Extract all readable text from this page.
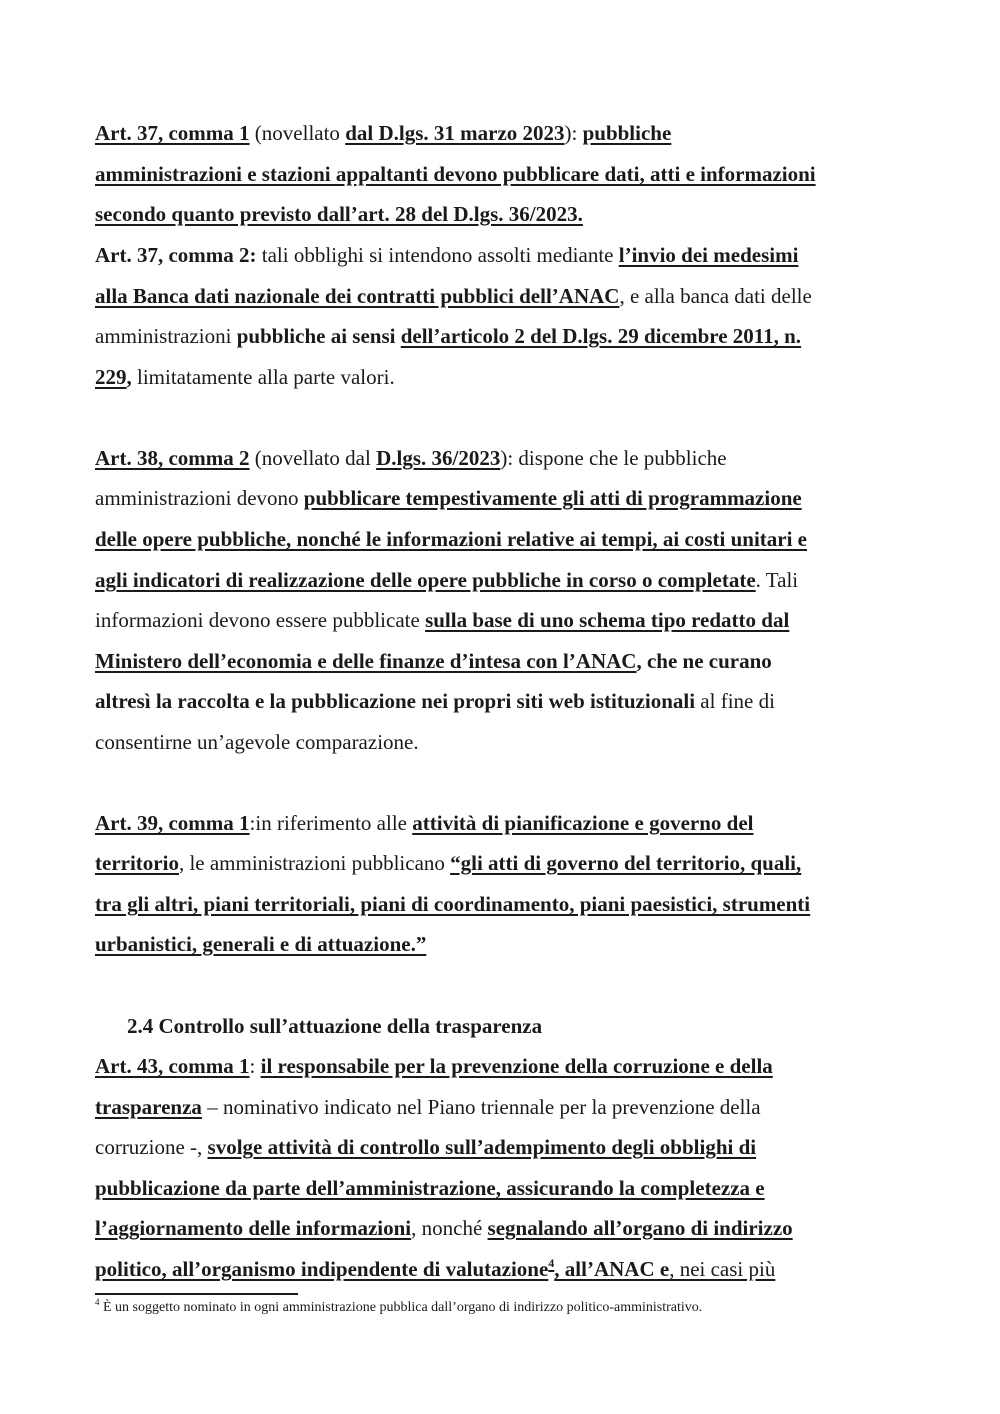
Art. 37, comma 1 (novellato dal D.lgs. 31 marzo 2023): pubbliche
amministrazioni e stazioni appaltanti devono pubblicare dati, atti e informazioni
secondo quanto previsto dall’art. 28 del D.lgs. 36/2023.
Art. 37, comma 2: tali obblighi si intendono assolti mediante l’invio dei medesimi
alla Banca dati nazionale dei contratti pubblici dell’ANAC, e alla banca dati delle
amministrazioni pubbliche ai sensi dell’articolo 2 del D.lgs. 29 dicembre 2011, n.
229, limitatamente alla parte valori.
Art. 38, comma 2 (novellato dal D.lgs. 36/2023): dispone che le pubbliche
amministrazioni devono pubblicare tempestivamente gli atti di programmazione
delle opere pubbliche, nonché le informazioni relative ai tempi, ai costi unitari e
agli indicatori di realizzazione delle opere pubbliche in corso o completate. Tali
informazioni devono essere pubblicate sulla base di uno schema tipo redatto dal
Ministero dell’economia e delle finanze d’intesa con l’ANAC, che ne curano
altresì la raccolta e la pubblicazione nei propri siti web istituzionali al fine di
consentirne un’agevole comparazione.
Art. 39, comma 1:in riferimento alle attività di pianificazione e governo del
territorio, le amministrazioni pubblicano “gli atti di governo del territorio, quali,
tra gli altri, piani territoriali, piani di coordinamento, piani paesistici, strumenti
urbanistici, generali e di attuazione.”
Art. 43, comma 1: il responsabile per la prevenzione della corruzione e della
trasparenza – nominativo indicato nel Piano triennale per la prevenzione della
corruzione -, svolge attività di controllo sull’adempimento degli obblighi di
pubblicazione da parte dell’amministrazione, assicurando la completezza e
l’aggiornamento delle informazioni, nonché segnalando all’organo di indirizzo
politico, all’organismo indipendente di valutazione$^4$, all’ANAC e, nei casi più
2.4 Controllo sull’attuazione della trasparenza
$^4$ È un soggetto nominato in ogni amministrazione pubblica dall’organo di indirizzo politico-amministrativo.
